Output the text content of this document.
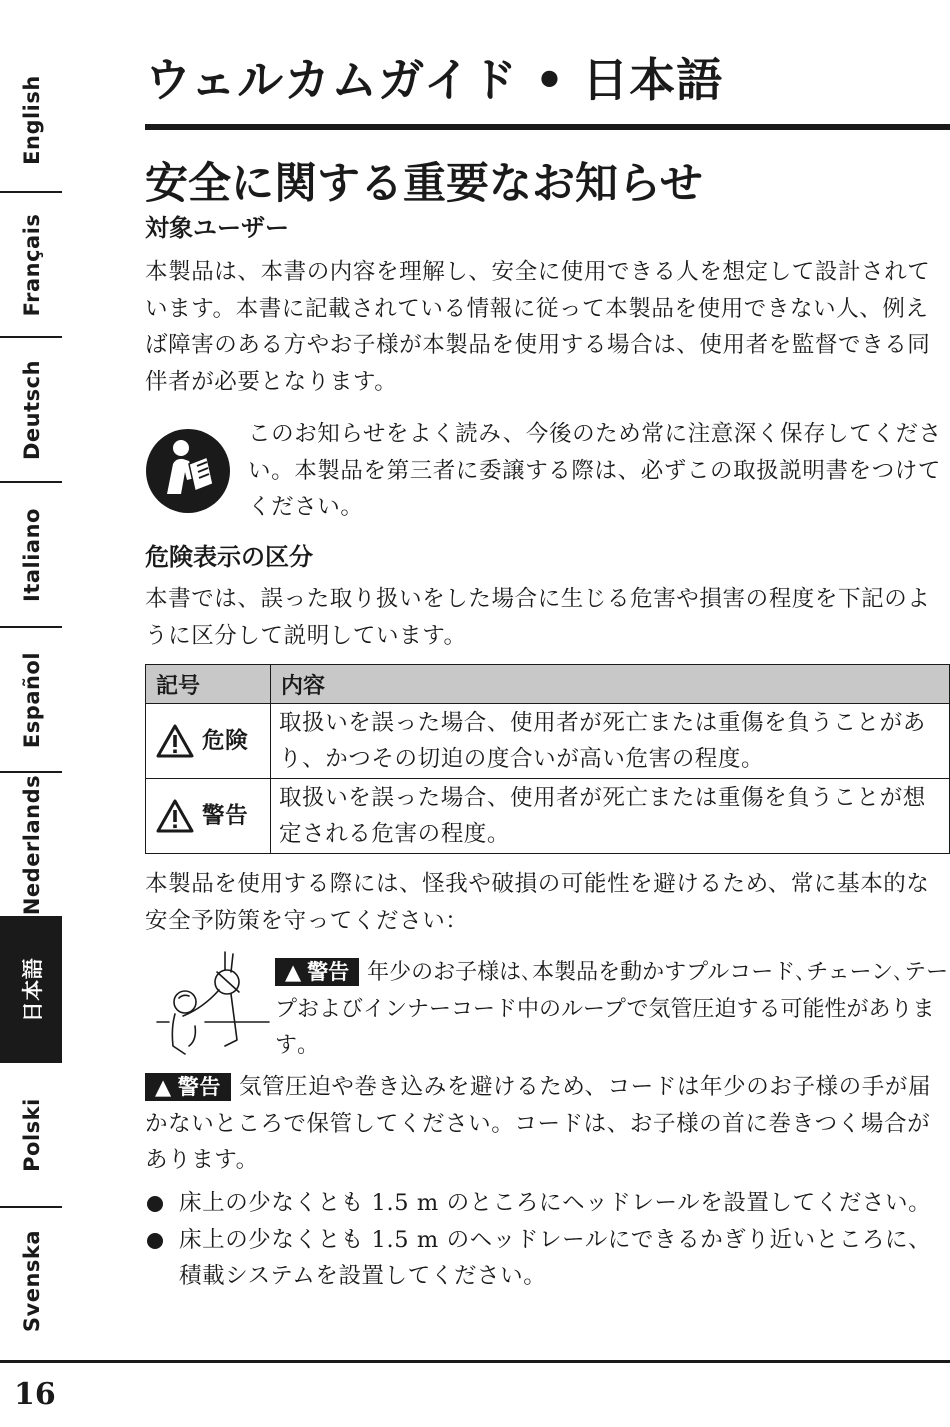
English
Français
Deutsch
Italiano
Español
Nederlands
日本語
Polski
Svenska
ウェルカムガイド • 日本語
安全に関する重要なお知らせ
対象ユーザー

本製品は、本書の内容を理解し、安全に使用できる人を想定して設計されています。本書に記載されている情報に従って本製品を使用できない人、例えば障害のある方やお子様が本製品を使用する場合は、使用者を監督できる同伴者が必要となります。

このお知らせをよく読み、今後のため常に注意深く保存してください。本製品を第三者に委譲する際は、必ずこの取扱説明書をつけてください。

危険表示の区分

本書では、誤った取り扱いをした場合に生じる危害や損害の程度を下記のように区分して説明しています。

記号	内容

危険	取扱いを誤った場合、使用者が死亡または重傷を負うことがあり、かつその切迫の度合いが高い危害の程度。

警告	取扱いを誤った場合、使用者が死亡または重傷を負うことが想定される危害の程度。

本製品を使用する際には、怪我や破損の可能性を避けるため、常に基本的な安全予防策を守ってください：

▲ 警告 年少のお子様は､本製品を動かすプルコード､チェーン､テープおよびインナーコード中のループで気管圧迫する可能性があります｡

▲ 警告 気管圧迫や巻き込みを避けるため、コードは年少のお子様の手が届かないところで保管してください。コードは、お子様の首に巻きつく場合があります。

床上の少なくとも 1.5 m のところにヘッドレールを設置してください。
床上の少なくとも 1.5 m のヘッドレールにできるかぎり近いところに、積載システムを設置してください。
16
